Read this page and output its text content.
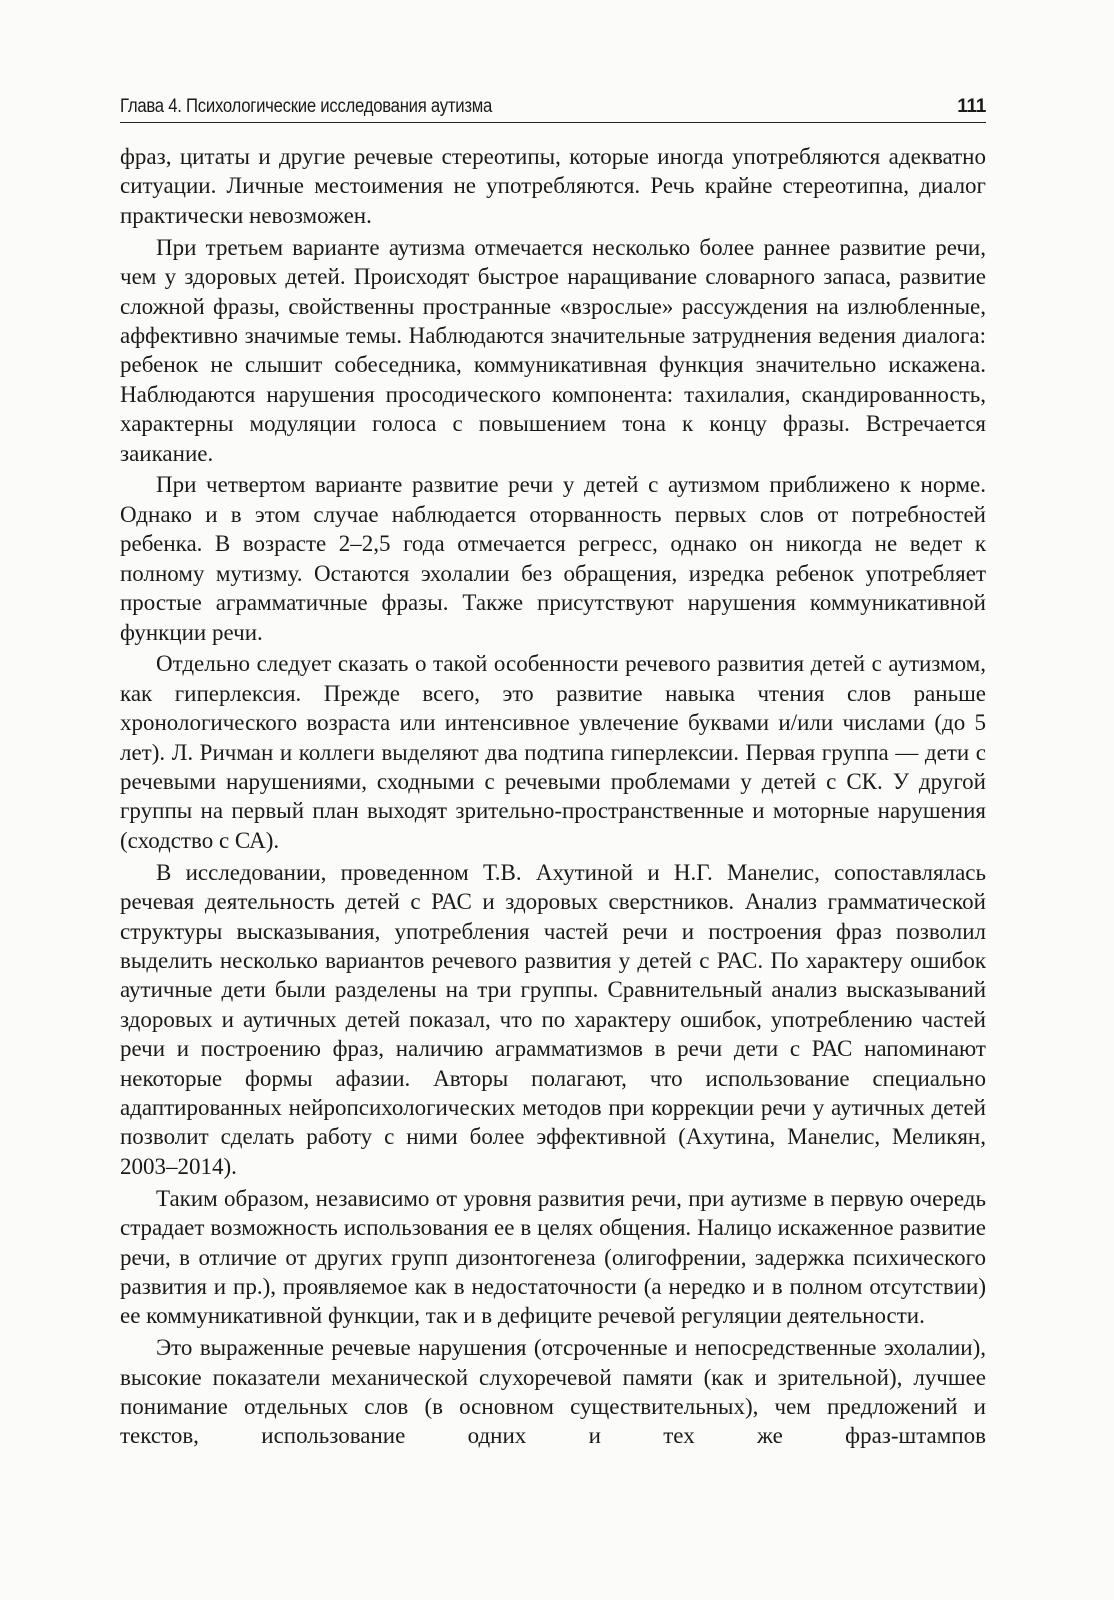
Глава 4. Психологические исследования аутизма	111

фраз, цитаты и другие речевые стереотипы, которые иногда употребляются адекватно ситуации. Личные местоимения не употребляются. Речь крайне стереотипна, диалог практически невозможен.

При третьем варианте аутизма отмечается несколько более раннее развитие речи, чем у здоровых детей. Происходят быстрое наращивание словарного запаса, развитие сложной фразы, свойственны пространные «взрослые» рассуждения на излюбленные, аффективно значимые темы. Наблюдаются значительные затруднения ведения диалога: ребенок не слышит собеседника, коммуникативная функция значительно искажена. Наблюдаются нарушения просодического компонента: тахилалия, скандированность, характерны модуляции голоса с повышением тона к концу фразы. Встречается заикание.

При четвертом варианте развитие речи у детей с аутизмом приближено к норме. Однако и в этом случае наблюдается оторванность первых слов от потребностей ребенка. В возрасте 2–2,5 года отмечается регресс, однако он никогда не ведет к полному мутизму. Остаются эхолалии без обращения, изредка ребенок употребляет простые аграмматичные фразы. Также присутствуют нарушения коммуникативной функции речи.

Отдельно следует сказать о такой особенности речевого развития детей с аутизмом, как гиперлексия. Прежде всего, это развитие навыка чтения слов раньше хронологического возраста или интенсивное увлечение буквами и/или числами (до 5 лет). Л. Ричман и коллеги выделяют два подтипа гиперлексии. Первая группа — дети с речевыми нарушениями, сходными с речевыми проблемами у детей с СК. У другой группы на первый план выходят зрительно-пространственные и моторные нарушения (сходство с СА).

В исследовании, проведенном Т.В. Ахутиной и Н.Г. Манелис, сопоставлялась речевая деятельность детей с РАС и здоровых сверстников. Анализ грамматической структуры высказывания, употребления частей речи и построения фраз позволил выделить несколько вариантов речевого развития у детей с РАС. По характеру ошибок аутичные дети были разделены на три группы. Сравнительный анализ высказываний здоровых и аутичных детей показал, что по характеру ошибок, употреблению частей речи и построению фраз, наличию аграмматизмов в речи дети с РАС напоминают некоторые формы афазии. Авторы полагают, что использование специально адаптированных нейропсихологических методов при коррекции речи у аутичных детей позволит сделать работу с ними более эффективной (Ахутина, Манелис, Меликян, 2003–2014).

Таким образом, независимо от уровня развития речи, при аутизме в первую очередь страдает возможность использования ее в целях общения. Налицо искаженное развитие речи, в отличие от других групп дизонтогенеза (олигофрении, задержка психического развития и пр.), проявляемое как в недостаточности (а нередко и в полном отсутствии) ее коммуникативной функции, так и в дефиците речевой регуляции деятельности.

Это выраженные речевые нарушения (отсроченные и непосредственные эхолалии), высокие показатели механической слухоречевой памяти (как и зрительной), лучшее понимание отдельных слов (в основном существительных), чем предложений и текстов, использование одних и тех же фраз-штампов
